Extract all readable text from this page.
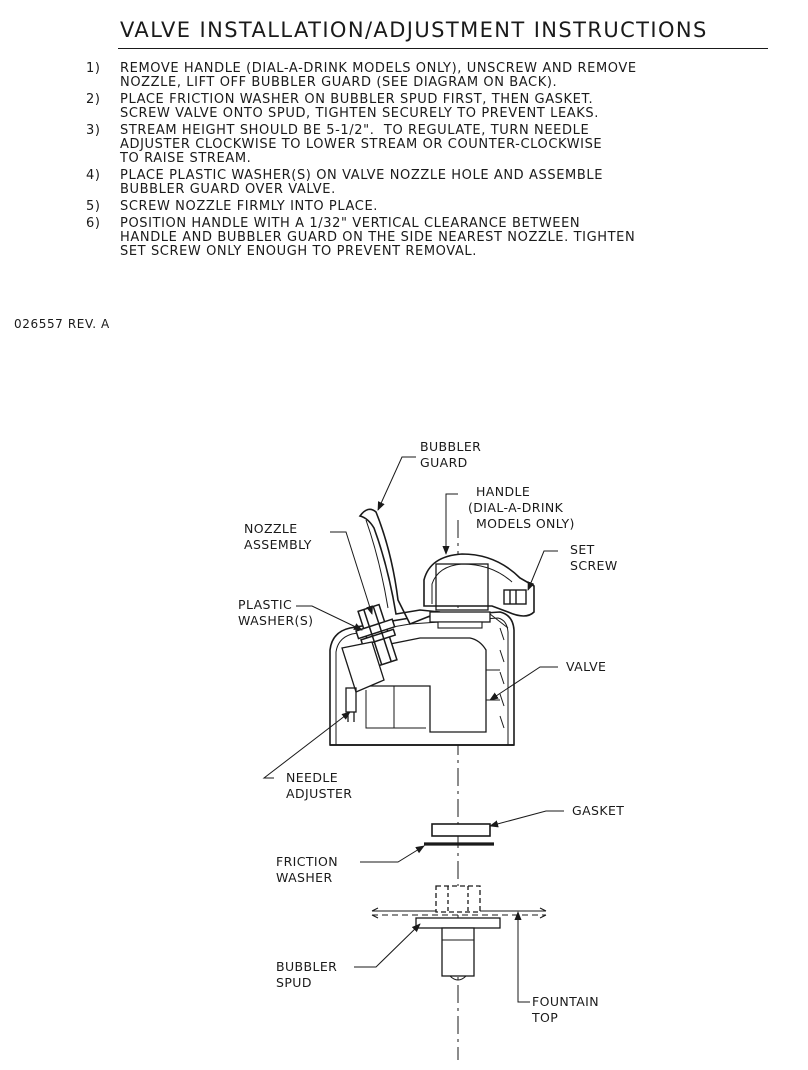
VALVE INSTALLATION/ADJUSTMENT INSTRUCTIONS
1)	REMOVE HANDLE (DIAL-A-DRINK MODELS ONLY), UNSCREW AND REMOVE
NOZZLE, LIFT OFF BUBBLER GUARD (SEE DIAGRAM ON BACK).
2)	PLACE FRICTION WASHER ON BUBBLER SPUD FIRST, THEN GASKET.
SCREW VALVE ONTO SPUD, TIGHTEN SECURELY TO PREVENT LEAKS.
3)	STREAM HEIGHT SHOULD BE 5-1/2".  TO REGULATE, TURN NEEDLE
ADJUSTER CLOCKWISE TO LOWER STREAM OR COUNTER-CLOCKWISE
TO RAISE STREAM.
4)	PLACE PLASTIC WASHER(S) ON VALVE NOZZLE HOLE AND ASSEMBLE
BUBBLER GUARD OVER VALVE.
5)	SCREW NOZZLE FIRMLY INTO PLACE.
6)	POSITION HANDLE WITH A 1/32" VERTICAL CLEARANCE BETWEEN
HANDLE AND BUBBLER GUARD ON THE SIDE NEAREST NOZZLE. TIGHTEN
SET SCREW ONLY ENOUGH TO PREVENT REMOVAL.
026557 REV. A
BUBBLER GUARD
HANDLE (DIAL-A-DRINK MODELS ONLY)
NOZZLE ASSEMBLY	SET SCREW
PLASTIC WASHER(S)
VALVE
NEEDLE ADJUSTER
GASKET
FRICTION WASHER
BUBBLER SPUD
FOUNTAIN TOP
